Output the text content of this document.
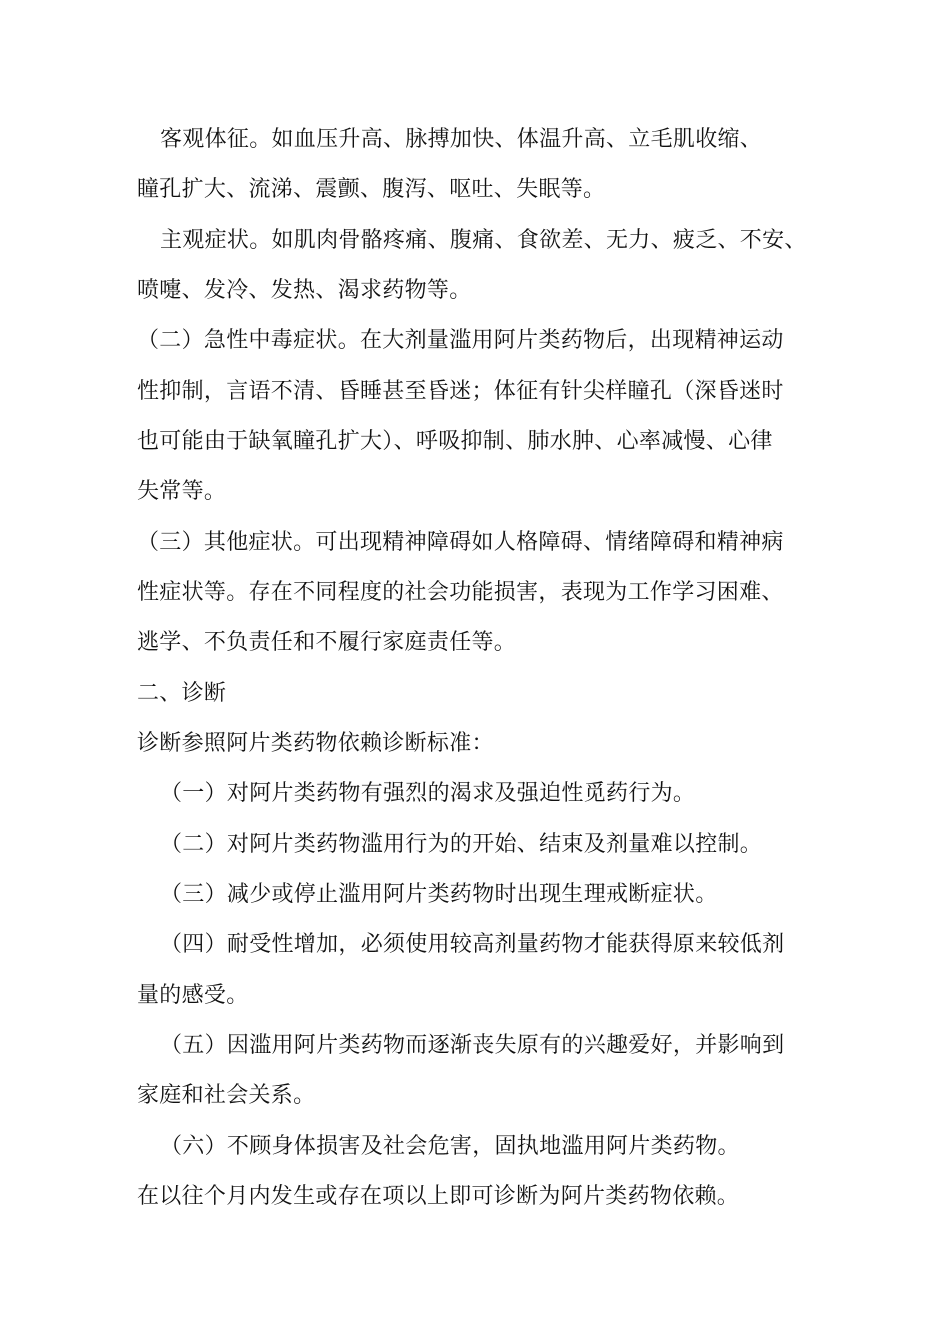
客观体征。如血压升高、脉搏加快、体温升高、立毛肌收缩、
瞳孔扩大、流涕、震颤、腹泻、呕吐、失眠等。
主观症状。如肌肉骨骼疼痛、腹痛、食欲差、无力、疲乏、不安、
喷嚏、发冷、发热、渴求药物等。
（二）急性中毒症状。在大剂量滥用阿片类药物后，出现精神运动
性抑制，言语不清、昏睡甚至昏迷；体征有针尖样瞳孔（深昏迷时
也可能由于缺氧瞳孔扩大）、呼吸抑制、肺水肿、心率减慢、心律
失常等。
（三）其他症状。可出现精神障碍如人格障碍、情绪障碍和精神病
性症状等。存在不同程度的社会功能损害，表现为工作学习困难、
逃学、不负责任和不履行家庭责任等。
二、诊断
诊断参照阿片类药物依赖诊断标准：
（一）对阿片类药物有强烈的渴求及强迫性觅药行为。
（二）对阿片类药物滥用行为的开始、结束及剂量难以控制。
（三）减少或停止滥用阿片类药物时出现生理戒断症状。
（四）耐受性增加，必须使用较高剂量药物才能获得原来较低剂
量的感受。
（五）因滥用阿片类药物而逐渐丧失原有的兴趣爱好，并影响到
家庭和社会关系。
（六）不顾身体损害及社会危害，固执地滥用阿片类药物。
在以往个月内发生或存在项以上即可诊断为阿片类药物依赖。
